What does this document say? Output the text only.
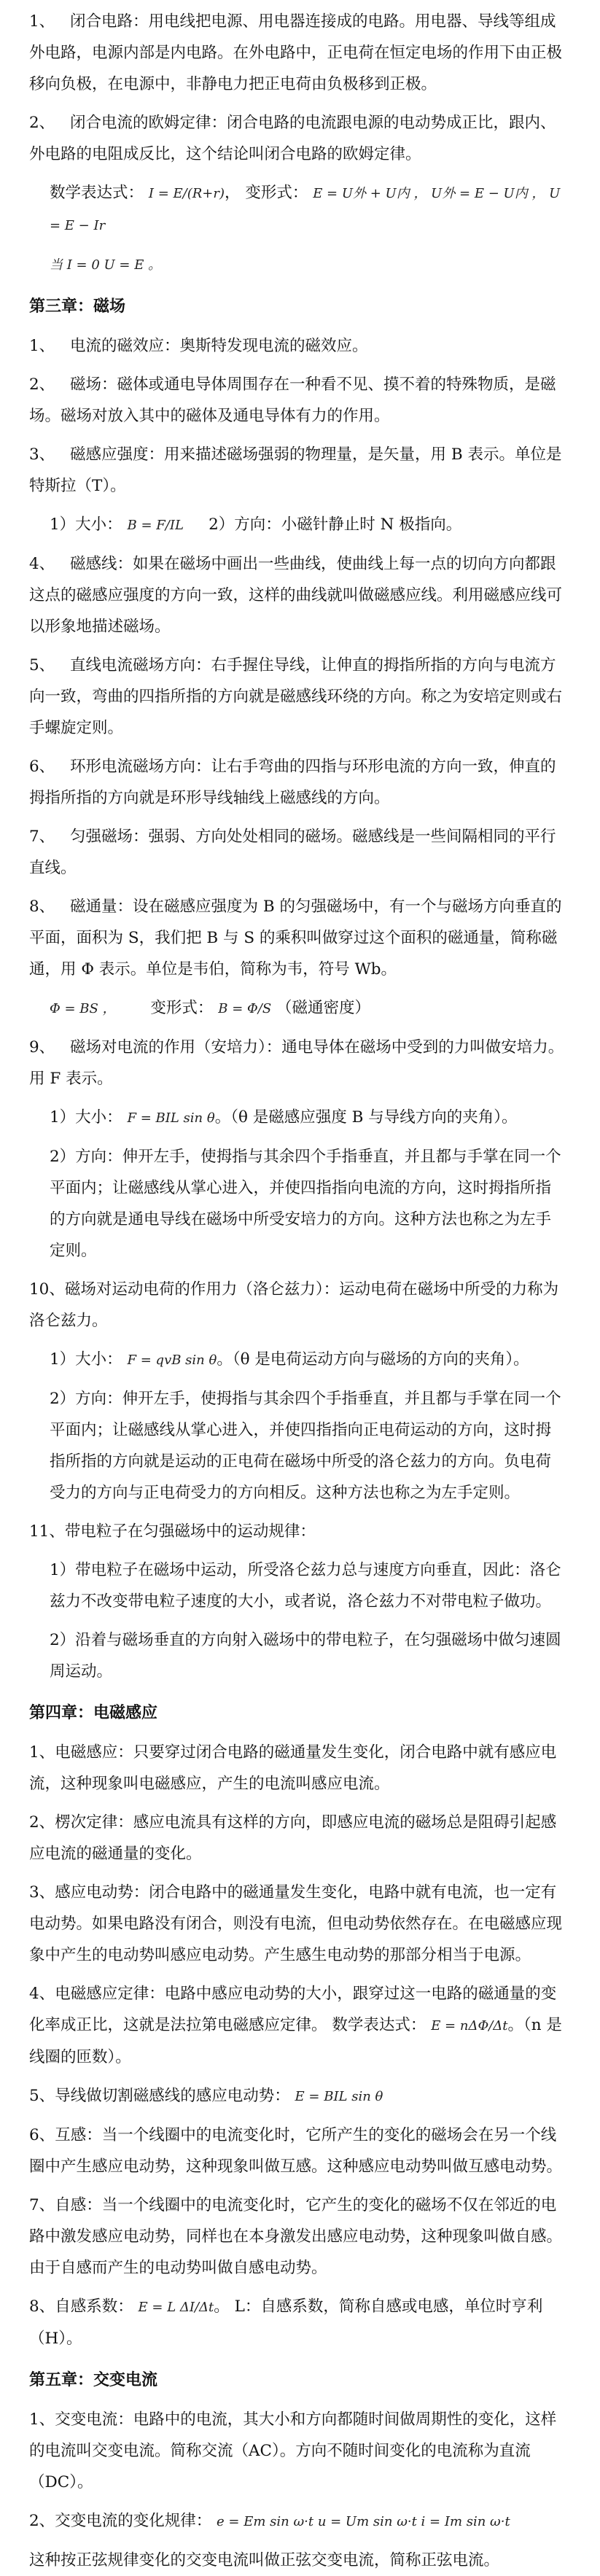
1、 闭合电路：用电线把电源、用电器连接成的电路。用电器、导线等组成外电路，电源内部是内电路。在外电路中，正电荷在恒定电场的作用下由正极移向负极，在电源中，非静电力把正电荷由负极移到正极。

2、 闭合电流的欧姆定律：闭合电路的电流跟电源的电动势成正比，跟内、外电路的电阻成反比，这个结论叫闭合电路的欧姆定律。

数学表达式： I = E/(R+r)， 变形式： E = U外 + U内 ， U外 = E − U内 ， U = E − Ir

当 I = 0 U = E 。

第三章：磁场

1、 电流的磁效应：奥斯特发现电流的磁效应。

2、 磁场：磁体或通电导体周围存在一种看不见、摸不着的特殊物质，是磁场。磁场对放入其中的磁体及通电导体有力的作用。

3、 磁感应强度：用来描述磁场强弱的物理量，是矢量，用 B 表示。单位是特斯拉（T）。

1）大小： B = F/IL 2）方向：小磁针静止时 N 极指向。

4、 磁感线：如果在磁场中画出一些曲线，使曲线上每一点的切向方向都跟这点的磁感应强度的方向一致，这样的曲线就叫做磁感应线。利用磁感应线可以形象地描述磁场。

5、 直线电流磁场方向：右手握住导线，让伸直的拇指所指的方向与电流方向一致，弯曲的四指所指的方向就是磁感线环绕的方向。称之为安培定则或右手螺旋定则。

6、 环形电流磁场方向：让右手弯曲的四指与环形电流的方向一致，伸直的拇指所指的方向就是环形导线轴线上磁感线的方向。

7、 匀强磁场：强弱、方向处处相同的磁场。磁感线是一些间隔相同的平行直线。

8、 磁通量：设在磁感应强度为 B 的匀强磁场中，有一个与磁场方向垂直的平面，面积为 S，我们把 B 与 S 的乘积叫做穿过这个面积的磁通量，简称磁通，用 Φ 表示。单位是韦伯，简称为韦，符号 Wb。

Φ = BS ， 变形式： B = Φ/S （磁通密度）

9、 磁场对电流的作用（安培力）：通电导体在磁场中受到的力叫做安培力。用 F 表示。

1）大小： F = BIL sin θ。（θ 是磁感应强度 B 与导线方向的夹角）。

2）方向：伸开左手，使拇指与其余四个手指垂直，并且都与手掌在同一个平面内；让磁感线从掌心进入，并使四指指向电流的方向，这时拇指所指的方向就是通电导线在磁场中所受安培力的方向。这种方法也称之为左手定则。

10、磁场对运动电荷的作用力（洛仑兹力）：运动电荷在磁场中所受的力称为洛仑兹力。

1）大小： F = qvB sin θ。（θ 是电荷运动方向与磁场的方向的夹角）。

2）方向：伸开左手，使拇指与其余四个手指垂直，并且都与手掌在同一个平面内；让磁感线从掌心进入，并使四指指向正电荷运动的方向，这时拇指所指的方向就是运动的正电荷在磁场中所受的洛仑兹力的方向。负电荷受力的方向与正电荷受力的方向相反。这种方法也称之为左手定则。

11、带电粒子在匀强磁场中的运动规律：

1）带电粒子在磁场中运动，所受洛仑兹力总与速度方向垂直，因此：洛仑兹力不改变带电粒子速度的大小，或者说，洛仑兹力不对带电粒子做功。

2）沿着与磁场垂直的方向射入磁场中的带电粒子，在匀强磁场中做匀速圆周运动。

第四章：电磁感应

1、电磁感应：只要穿过闭合电路的磁通量发生变化，闭合电路中就有感应电流，这种现象叫电磁感应，产生的电流叫感应电流。

2、楞次定律：感应电流具有这样的方向，即感应电流的磁场总是阻碍引起感应电流的磁通量的变化。

3、感应电动势：闭合电路中的磁通量发生变化，电路中就有电流，也一定有电动势。如果电路没有闭合，则没有电流，但电动势依然存在。在电磁感应现象中产生的电动势叫感应电动势。产生感生电动势的那部分相当于电源。

4、电磁感应定律：电路中感应电动势的大小，跟穿过这一电路的磁通量的变化率成正比，这就是法拉第电磁感应定律。 数学表达式： E = nΔΦ/Δt。（n 是线圈的匝数）。

5、导线做切割磁感线的感应电动势： E = BIL sin θ

6、互感：当一个线圈中的电流变化时，它所产生的变化的磁场会在另一个线圈中产生感应电动势，这种现象叫做互感。这种感应电动势叫做互感电动势。

7、自感：当一个线圈中的电流变化时，它产生的变化的磁场不仅在邻近的电路中激发感应电动势，同样也在本身激发出感应电动势，这种现象叫做自感。由于自感而产生的电动势叫做自感电动势。

8、自感系数： E = L ΔI/Δt。 L：自感系数，简称自感或电感，单位时亨利（H）。

第五章：交变电流

1、交变电流：电路中的电流，其大小和方向都随时间做周期性的变化，这样的电流叫交变电流。简称交流（AC）。方向不随时间变化的电流称为直流（DC）。

2、交变电流的变化规律： e = Em sin ω·t u = Um sin ω·t i = Im sin ω·t

这种按正弦规律变化的交变电流叫做正弦交变电流，简称正弦电流。
